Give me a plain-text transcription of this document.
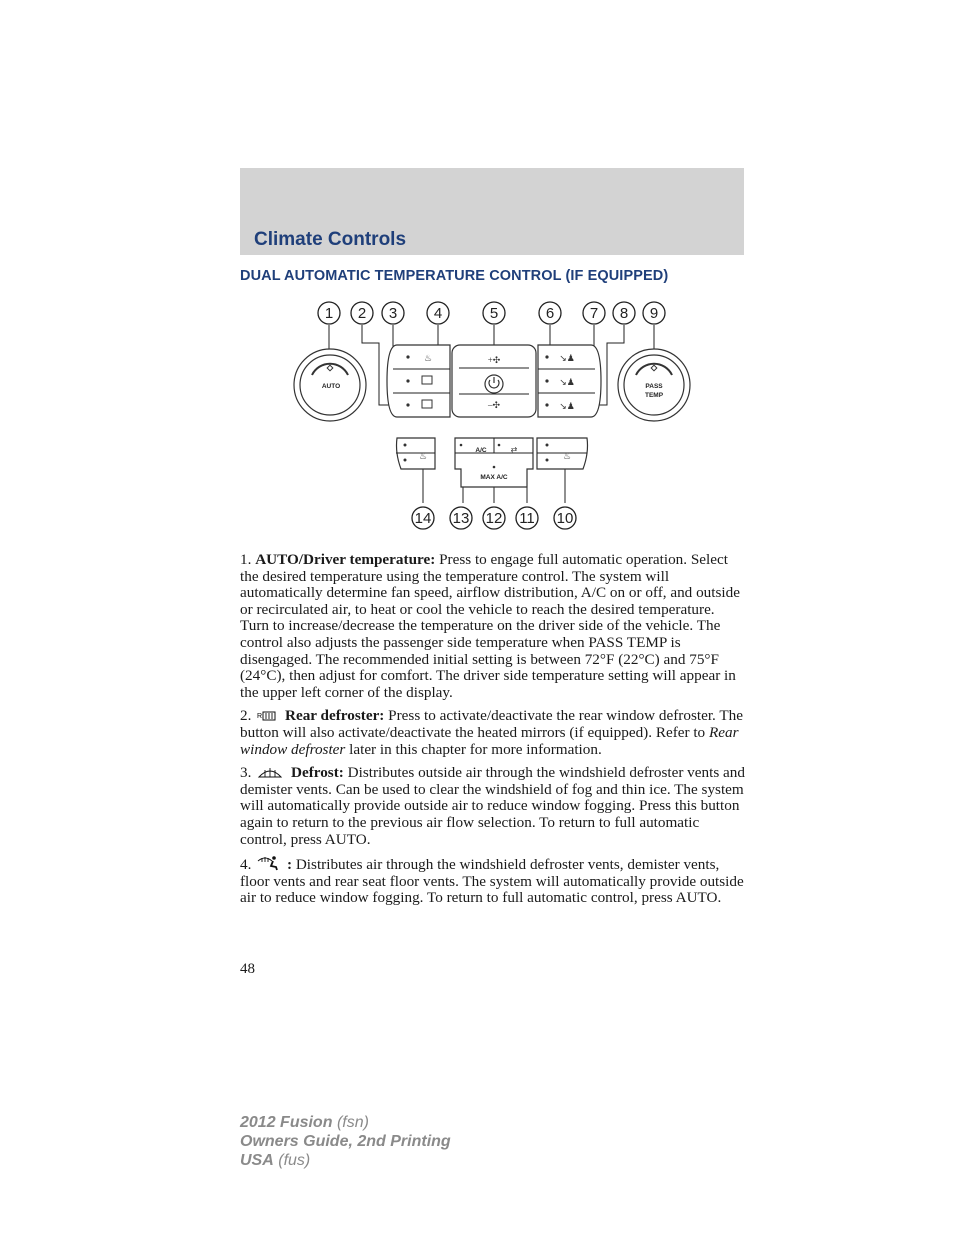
Climate Controls
DUAL AUTOMATIC TEMPERATURE CONTROL (IF EQUIPPED)
1 2 3 4	5	6 7 8 9
10
11
12
13
14
AUTO	PASS
TEMP
♨	+✣
–✣
↘♟
↘♟
↘♟
♨
A/C	⇄
MAX A/C
♨

1. AUTO/Driver temperature: Press to engage full automatic operation. Select the desired temperature using the temperature control. The system will automatically determine fan speed, airflow distribution, A/C on or off, and outside or recirculated air, to heat or cool the vehicle to reach the desired temperature. Turn to increase/decrease the temperature on the driver side of the vehicle. The control also adjusts the passenger side temperature when PASS TEMP is disengaged. The recommended initial setting is between 72°F (22°C) and 75°F (24°C), then adjust for comfort. The driver side temperature setting will appear in the upper left corner of the display.

2. R Rear defroster: Press to activate/deactivate the rear window defroster. The button will also activate/deactivate the heated mirrors (if equipped). Refer to Rear window defroster later in this chapter for more information.

3.	Defrost: Distributes outside air through the windshield defroster vents and demister vents. Can be used to clear the windshield of fog and thin ice. The system will automatically provide outside air to reduce window fogging. Press this button again to return to the previous air flow selection. To return to full automatic control, press AUTO.

4. : Distributes air through the windshield defroster vents, demister vents, floor vents and rear seat floor vents. The system will automatically provide outside air to reduce window fogging. To return to full automatic control, press AUTO.

48
2012 Fusion (fsn)
Owners Guide, 2nd Printing
USA (fus)
